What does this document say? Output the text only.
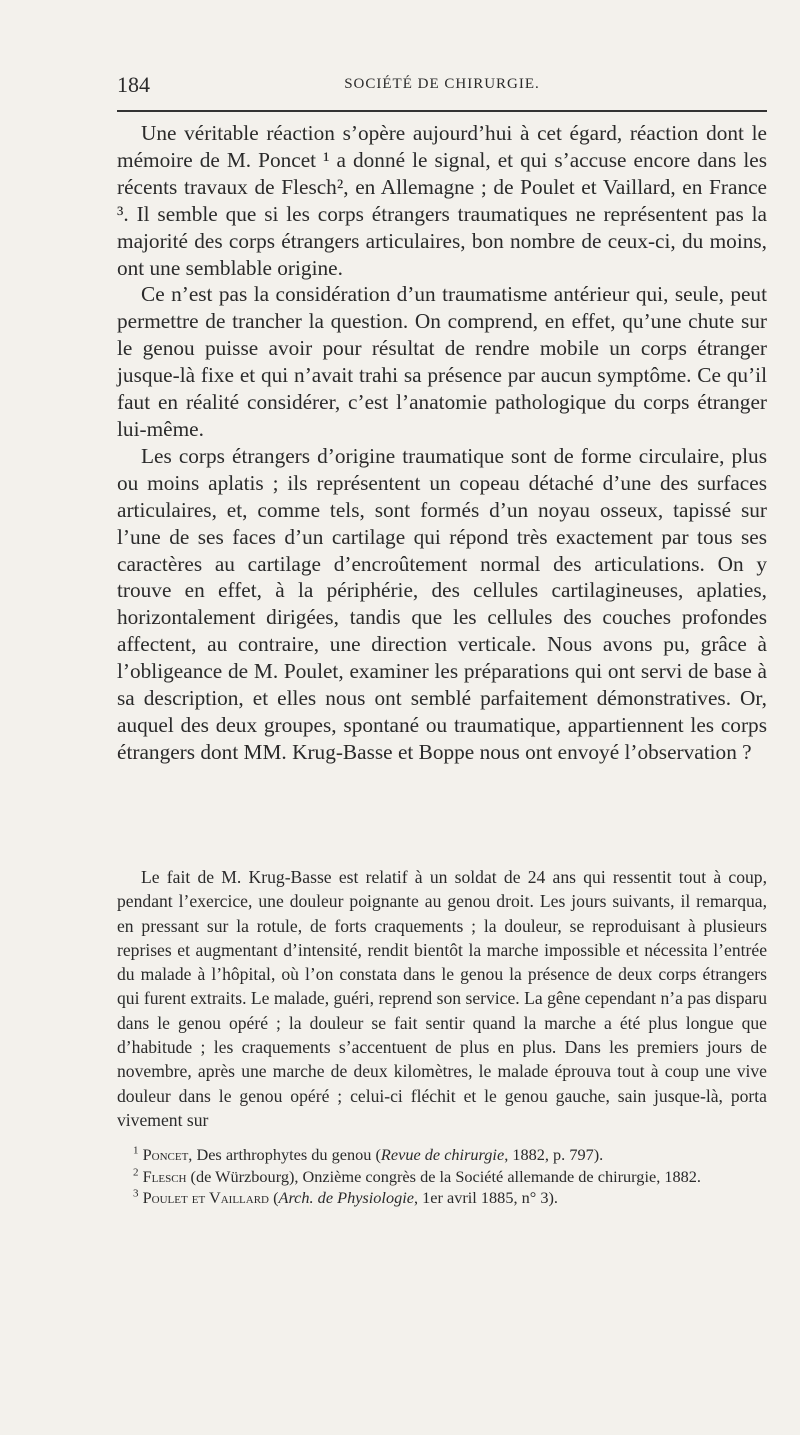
184	SOCIÉTÉ DE CHIRURGIE.

Une véritable réaction s’opère aujourd’hui à cet égard, réaction dont le mémoire de M. Poncet ¹ a donné le signal, et qui s’accuse encore dans les récents travaux de Flesch², en Allemagne ; de Poulet et Vaillard, en France ³. Il semble que si les corps étrangers traumatiques ne représentent pas la majorité des corps étrangers articulaires, bon nombre de ceux-ci, du moins, ont une semblable origine.

Ce n’est pas la considération d’un traumatisme antérieur qui, seule, peut permettre de trancher la question. On comprend, en effet, qu’une chute sur le genou puisse avoir pour résultat de rendre mobile un corps étranger jusque-là fixe et qui n’avait trahi sa présence par aucun symptôme. Ce qu’il faut en réalité considérer, c’est l’anatomie pathologique du corps étranger lui-même.

Les corps étrangers d’origine traumatique sont de forme circulaire, plus ou moins aplatis ; ils représentent un copeau détaché d’une des surfaces articulaires, et, comme tels, sont formés d’un noyau osseux, tapissé sur l’une de ses faces d’un cartilage qui répond très exactement par tous ses caractères au cartilage d’encroûtement normal des articulations. On y trouve en effet, à la périphérie, des cellules cartilagineuses, aplaties, horizontalement dirigées, tandis que les cellules des couches profondes affectent, au contraire, une direction verticale. Nous avons pu, grâce à l’obligeance de M. Poulet, examiner les préparations qui ont servi de base à sa description, et elles nous ont semblé parfaitement démonstratives. Or, auquel des deux groupes, spontané ou traumatique, appartiennent les corps étrangers dont MM. Krug-Basse et Boppe nous ont envoyé l’observation ?

Le fait de M. Krug-Basse est relatif à un soldat de 24 ans qui ressentit tout à coup, pendant l’exercice, une douleur poignante au genou droit. Les jours suivants, il remarqua, en pressant sur la rotule, de forts craquements ; la douleur, se reproduisant à plusieurs reprises et augmentant d’intensité, rendit bientôt la marche impossible et nécessita l’entrée du malade à l’hôpital, où l’on constata dans le genou la présence de deux corps étrangers qui furent extraits. Le malade, guéri, reprend son service. La gêne cependant n’a pas disparu dans le genou opéré ; la douleur se fait sentir quand la marche a été plus longue que d’habitude ; les craquements s’accentuent de plus en plus. Dans les premiers jours de novembre, après une marche de deux kilomètres, le malade éprouva tout à coup une vive douleur dans le genou opéré ; celui-ci fléchit et le genou gauche, sain jusque-là, porta vivement sur

$^1$ Poncet, Des arthrophytes du genou (Revue de chirurgie, 1882, p. 797).

$^2$ Flesch (de Würzbourg), Onzième congrès de la Société allemande de chirurgie, 1882.

$^3$ Poulet et Vaillard (Arch. de Physiologie, 1er avril 1885, n° 3).
